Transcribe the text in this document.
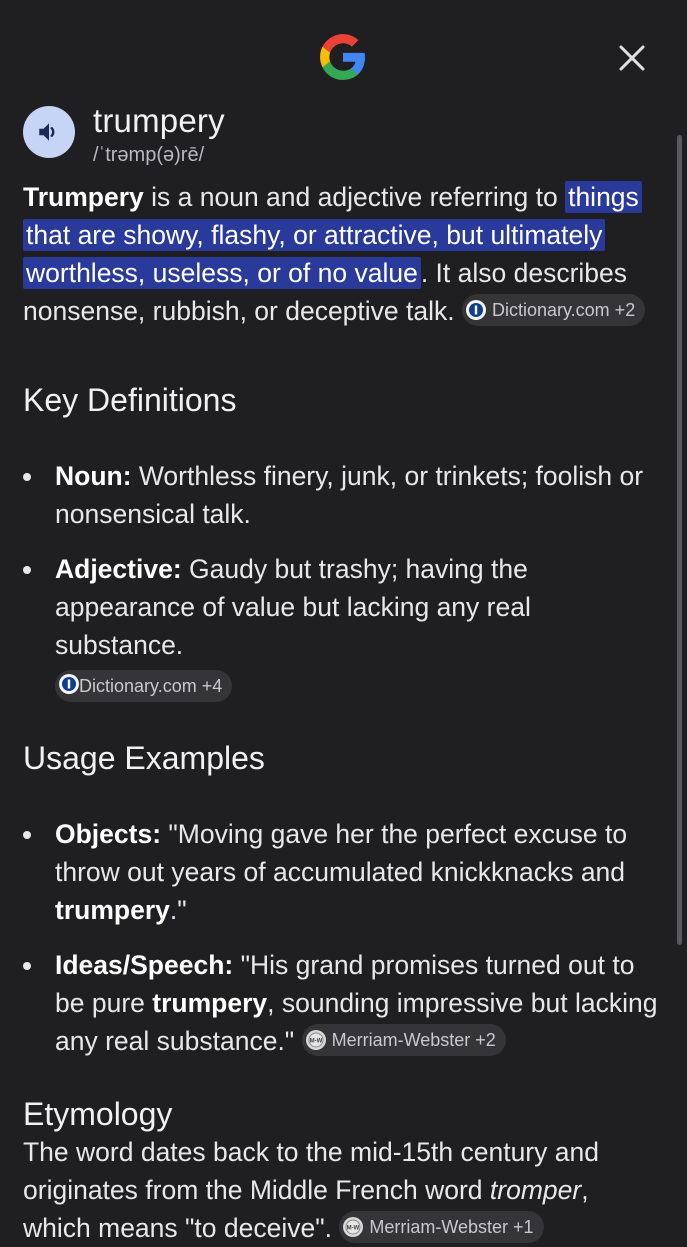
trumpery
/ˈtrəmp(ə)rē/

Trumpery is a noun and adjective referring to things that are showy, flashy, or attractive, but ultimately worthless, useless, or of no value . It also describes nonsense, rubbish, or deceptive talk. Dictionary.com +2

Key Definitions
Noun: Worthless finery, junk, or trinkets; foolish or nonsensical talk.
Adjective: Gaudy but trashy; having the appearance of value but lacking any real substance.
Dictionary.com +4
Usage Examples
Objects: "Moving gave her the perfect excuse to throw out years of accumulated knickknacks and trumpery."
Ideas/Speech: "His grand promises turned out to be pure trumpery, sounding impressive but lacking any real substance." M-W Merriam-Webster +2
Etymology

The word dates back to the mid-15th century and originates from the Middle French word tromper, which means "to deceive". M-W Merriam-Webster +1
